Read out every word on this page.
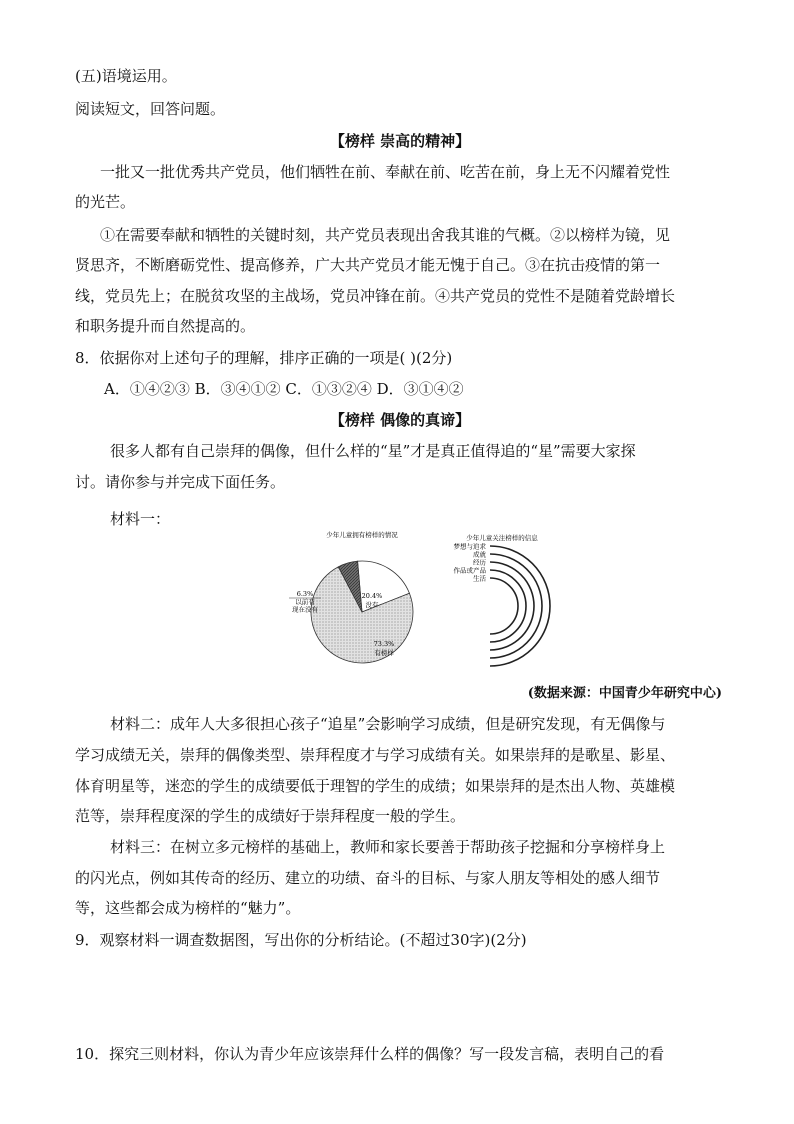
(五)语境运用。
阅读短文，回答问题。
【榜样 崇高的精神】
一批又一批优秀共产党员，他们牺牲在前、奉献在前、吃苦在前，身上无不闪耀着党性
的光芒。
①在需要奉献和牺牲的关键时刻，共产党员表现出舍我其谁的气概。②以榜样为镜，见
贤思齐，不断磨砺党性、提高修养，广大共产党员才能无愧于自己。③在抗击疫情的第一
线，党员先上；在脱贫攻坚的主战场，党员冲锋在前。④共产党员的党性不是随着党龄增长
和职务提升而自然提高的。
8．依据你对上述句子的理解，排序正确的一项是( )(2分)
A．①④②③ B．③④①② C．①③②④ D．③①④②
【榜样 偶像的真谛】
很多人都有自己崇拜的偶像，但什么样的“星”才是真正值得追的“星”需要大家探
讨。请你参与并完成下面任务。
材料一：
少年儿童拥有榜样的情况
20.4%
没有
73.3%
有榜样
6.3%
以前有
现在没有
少年儿童关注榜样的信息
梦想与追求
成就
经历
作品或产品
生活
(数据来源：中国青少年研究中心)
材料二：成年人大多很担心孩子“追星”会影响学习成绩，但是研究发现，有无偶像与
学习成绩无关，崇拜的偶像类型、崇拜程度才与学习成绩有关。如果崇拜的是歌星、影星、
体育明星等，迷恋的学生的成绩要低于理智的学生的成绩；如果崇拜的是杰出人物、英雄模
范等，崇拜程度深的学生的成绩好于崇拜程度一般的学生。
材料三：在树立多元榜样的基础上，教师和家长要善于帮助孩子挖掘和分享榜样身上
的闪光点，例如其传奇的经历、建立的功绩、奋斗的目标、与家人朋友等相处的感人细节
等，这些都会成为榜样的“魅力”。
9．观察材料一调查数据图，写出你的分析结论。(不超过30字)(2分)
10．探究三则材料，你认为青少年应该崇拜什么样的偶像？写一段发言稿，表明自己的看
